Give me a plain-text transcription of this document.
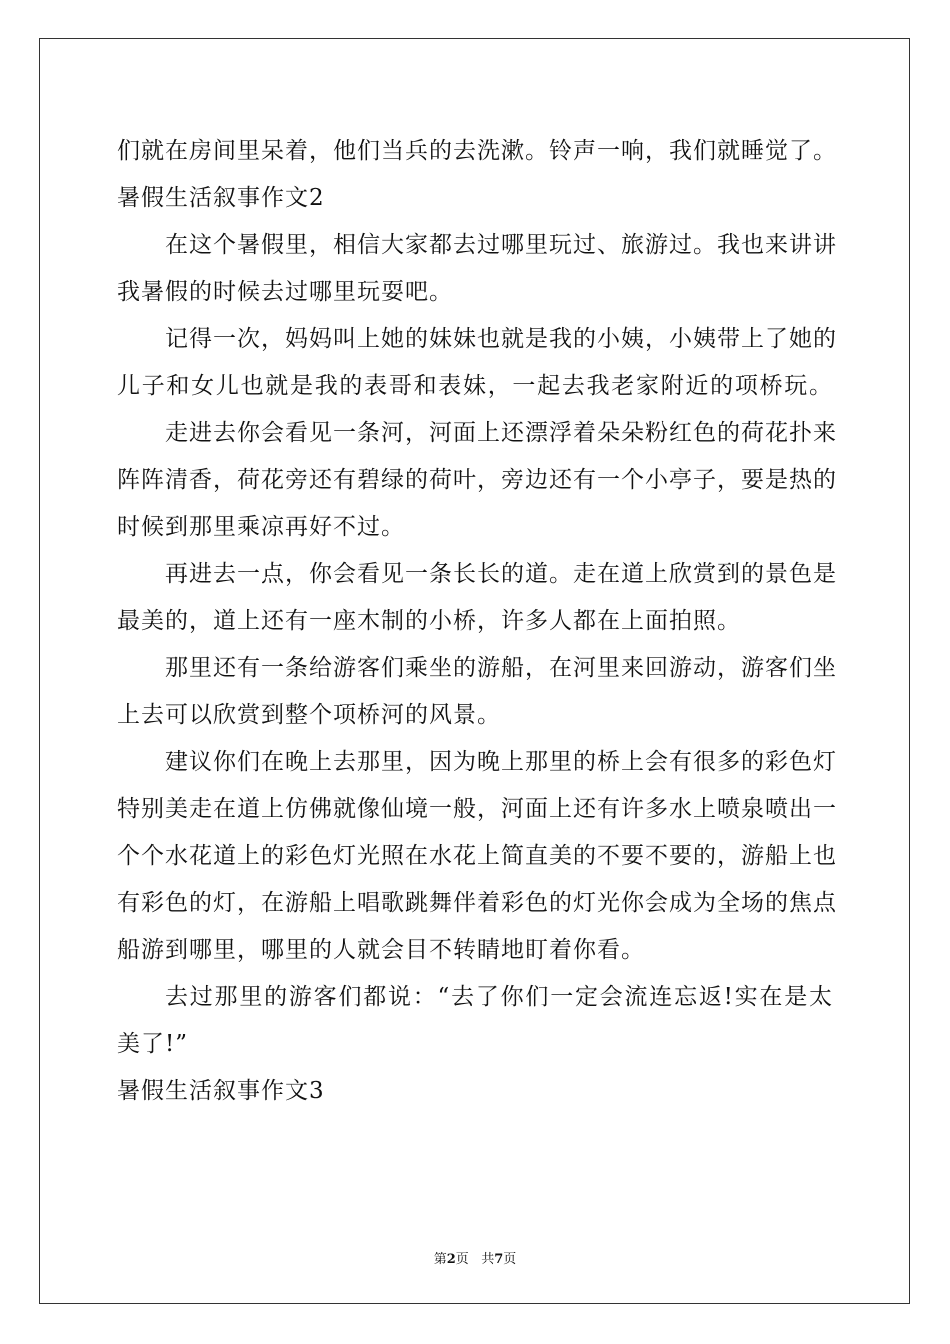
们就在房间里呆着，他们当兵的去洗漱。铃声一响，我们就睡觉了。
暑假生活叙事作文2
在这个暑假里，相信大家都去过哪里玩过、旅游过。我也来讲讲
我暑假的时候去过哪里玩耍吧。
记得一次，妈妈叫上她的妹妹也就是我的小姨，小姨带上了她的
儿子和女儿也就是我的表哥和表妹，一起去我老家附近的项桥玩。
走进去你会看见一条河，河面上还漂浮着朵朵粉红色的荷花扑来
阵阵清香，荷花旁还有碧绿的荷叶，旁边还有一个小亭子，要是热的
时候到那里乘凉再好不过。
再进去一点，你会看见一条长长的道。走在道上欣赏到的景色是
最美的，道上还有一座木制的小桥，许多人都在上面拍照。
那里还有一条给游客们乘坐的游船，在河里来回游动，游客们坐
上去可以欣赏到整个项桥河的风景。
建议你们在晚上去那里，因为晚上那里的桥上会有很多的彩色灯
特别美走在道上仿佛就像仙境一般，河面上还有许多水上喷泉喷出一
个个水花道上的彩色灯光照在水花上简直美的不要不要的，游船上也
有彩色的灯，在游船上唱歌跳舞伴着彩色的灯光你会成为全场的焦点
船游到哪里，哪里的人就会目不转睛地盯着你看。
去过那里的游客们都说：“去了你们一定会流连忘返!实在是太
美了!”
暑假生活叙事作文3
第2页 共7页
